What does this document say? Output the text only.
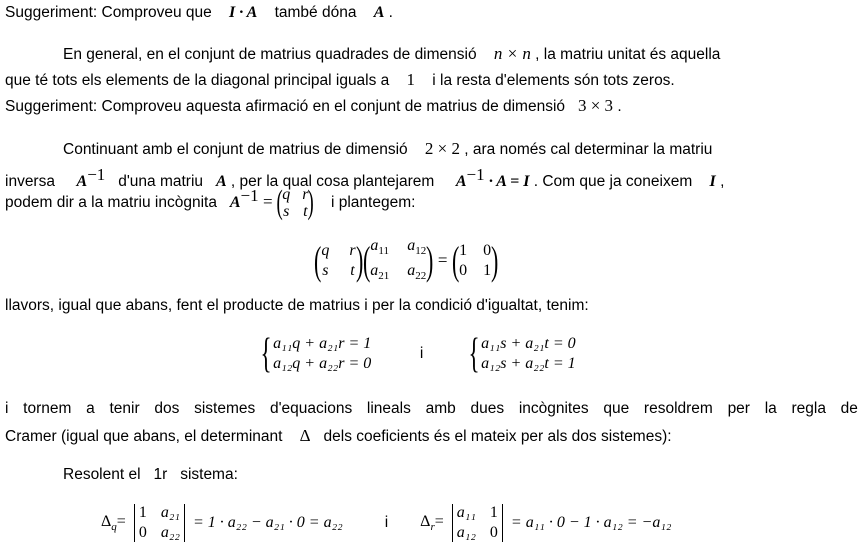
Suggeriment: Comproveu que I · A també dóna A .
En general, en el conjunt de matrius quadrades de dimensió n × n , la matriu unitat és aquella
que té tots els elements de la diagonal principal iguals a 1 i la resta d'elements són tots zeros.
Suggeriment: Comproveu aquesta afirmació en el conjunt de matrius de dimensió 3 × 3 .
Continuant amb el conjunt de matrius de dimensió 2 × 2 , ara només cal determinar la matriu
inversa $A^{-1}$ d'una matriu A , per la qual cosa plantejarem $A^{-1} \cdot A = I$ . Com que ja coneixem I ,
podem dir a la matriu incògnita $A^{-1}$ = ( q r
s t ) i plantegem:
( q r
s t ) ( $a_{11}$ $a_{12}$
$a_{21}$ $a_{22}$ ) = ( 1 0
0 1 )
llavors, igual que abans, fent el producte de matrius i per la condició d'igualtat, tenim:
{ a₁₁q + a₂₁r = 1
a₁₂q + a₂₂r = 0
i { a₁₁s + a₂₁t = 0
a₁₂s + a₂₂t = 1
i tornem a tenir dos sistemes d'equacions lineals amb dues incògnites que resoldrem per la regla de
Cramer (igual que abans, el determinant Δ dels coeficients és el mateix per als dos sistemes):
Resolent el 1r sistema:
$\Delta_q=$
1 a₂₁
0 a₂₂
= 1 · a₂₂ − a₂₁ · 0 = a₂₂	i $\Delta_r=$
a₁₁ 1
a₁₂ 0
= a₁₁ · 0 − 1 · a₁₂ = −a₁₂
